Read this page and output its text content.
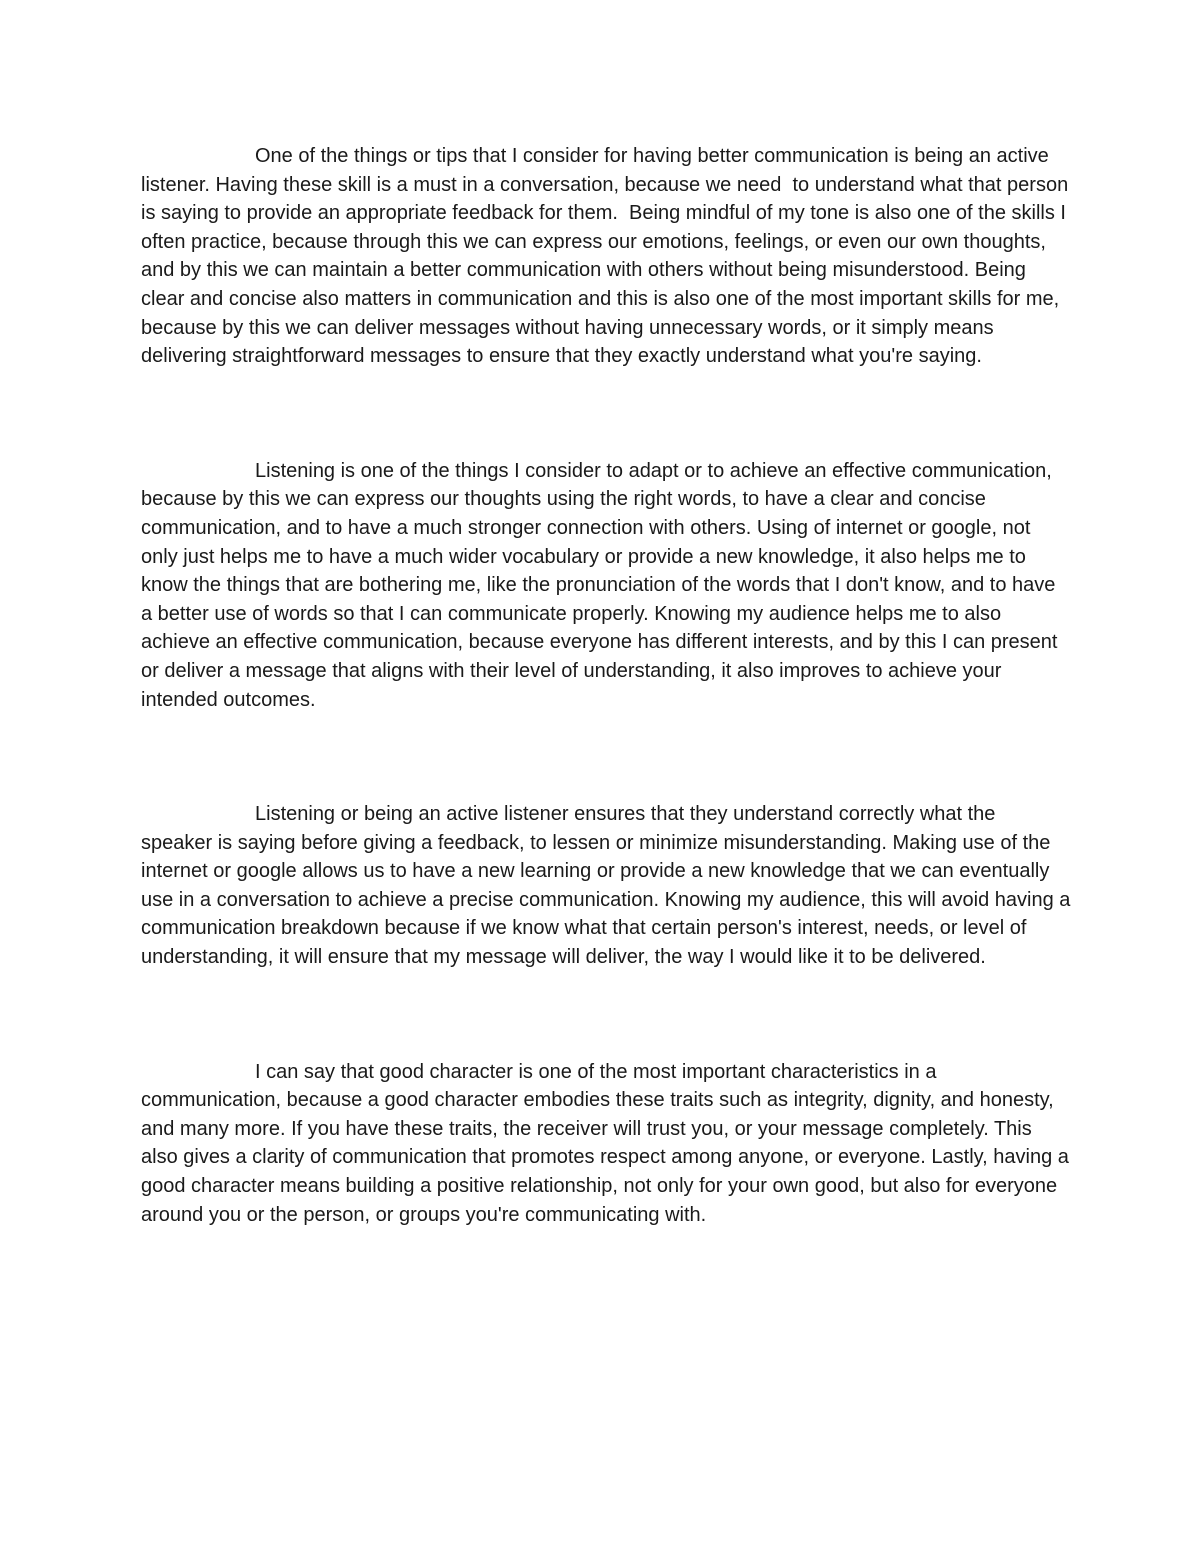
One of the things or tips that I consider for having better communication is being an active listener. Having these skill is a must in a conversation, because we need  to understand what that person is saying to provide an appropriate feedback for them.  Being mindful of my tone is also one of the skills I often practice, because through this we can express our emotions, feelings, or even our own thoughts, and by this we can maintain a better communication with others without being misunderstood. Being clear and concise also matters in communication and this is also one of the most important skills for me, because by this we can deliver messages without having unnecessary words, or it simply means delivering straightforward messages to ensure that they exactly understand what you're saying.

Listening is one of the things I consider to adapt or to achieve an effective communication, because by this we can express our thoughts using the right words, to have a clear and concise communication, and to have a much stronger connection with others. Using of internet or google, not only just helps me to have a much wider vocabulary or provide a new knowledge, it also helps me to know the things that are bothering me, like the pronunciation of the words that I don't know, and to have a better use of words so that I can communicate properly. Knowing my audience helps me to also achieve an effective communication, because everyone has different interests, and by this I can present or deliver a message that aligns with their level of understanding, it also improves to achieve your intended outcomes.

Listening or being an active listener ensures that they understand correctly what the speaker is saying before giving a feedback, to lessen or minimize misunderstanding. Making use of the internet or google allows us to have a new learning or provide a new knowledge that we can eventually use in a conversation to achieve a precise communication. Knowing my audience, this will avoid having a communication breakdown because if we know what that certain person's interest, needs, or level of understanding, it will ensure that my message will deliver, the way I would like it to be delivered.

I can say that good character is one of the most important characteristics in a communication, because a good character embodies these traits such as integrity, dignity, and honesty, and many more. If you have these traits, the receiver will trust you, or your message completely. This also gives a clarity of communication that promotes respect among anyone, or everyone. Lastly, having a good character means building a positive relationship, not only for your own good, but also for everyone around you or the person, or groups you're communicating with.
